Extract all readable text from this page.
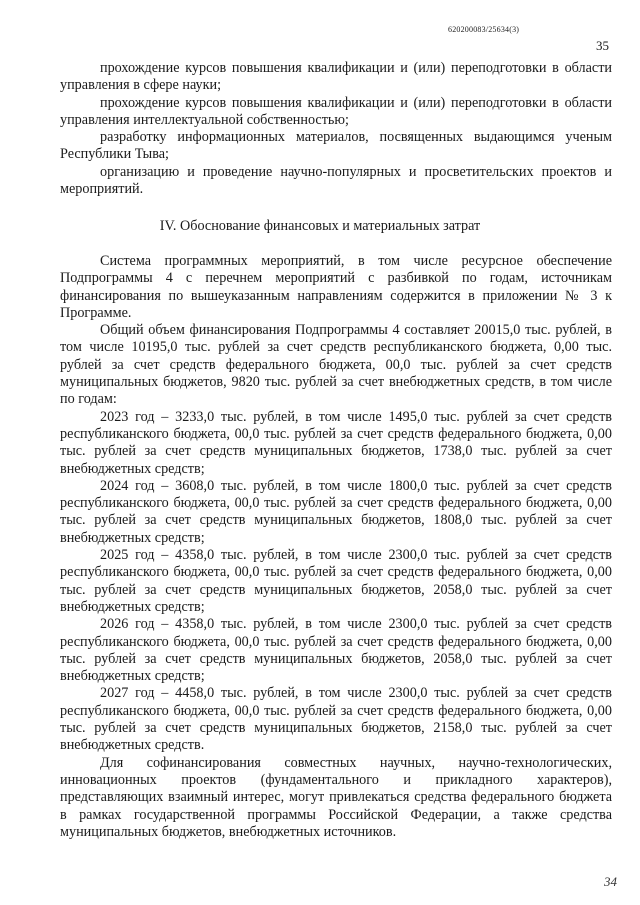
620200083/25634(3)
35

прохождение курсов повышения квалификации и (или) переподготовки в области управления в сфере науки;

прохождение курсов повышения квалификации и (или) переподготовки в области управления интеллектуальной собственностью;

разработку информационных материалов, посвященных выдающимся ученым Республики Тыва;

организацию и проведение научно-популярных и просветительских проектов и мероприятий.

IV. Обоснование финансовых и материальных затрат

Система программных мероприятий, в том числе ресурсное обеспечение Подпрограммы 4 с перечнем мероприятий с разбивкой по годам, источникам финансирования по вышеуказанным направлениям содержится в приложении № 3 к Программе.

Общий объем финансирования Подпрограммы 4 составляет 20015,0 тыс. рублей, в том числе 10195,0 тыс. рублей за счет средств республиканского бюджета, 0,00 тыс. рублей за счет средств федерального бюджета, 00,0 тыс. рублей за счет средств муниципальных бюджетов, 9820 тыс. рублей за счет внебюджетных средств, в том числе по годам:

2023 год – 3233,0 тыс. рублей, в том числе 1495,0 тыс. рублей за счет средств республиканского бюджета, 00,0 тыс. рублей за счет средств федерального бюджета, 0,00 тыс. рублей за счет средств муниципальных бюджетов, 1738,0 тыс. рублей за счет внебюджетных средств;

2024 год – 3608,0 тыс. рублей, в том числе 1800,0 тыс. рублей за счет средств республиканского бюджета, 00,0 тыс. рублей за счет средств федерального бюджета, 0,00 тыс. рублей за счет средств муниципальных бюджетов, 1808,0 тыс. рублей за счет внебюджетных средств;

2025 год – 4358,0 тыс. рублей, в том числе 2300,0 тыс. рублей за счет средств республиканского бюджета, 00,0 тыс. рублей за счет средств федерального бюджета, 0,00 тыс. рублей за счет средств муниципальных бюджетов, 2058,0 тыс. рублей за счет внебюджетных средств;

2026 год – 4358,0 тыс. рублей, в том числе 2300,0 тыс. рублей за счет средств республиканского бюджета, 00,0 тыс. рублей за счет средств федерального бюджета, 0,00 тыс. рублей за счет средств муниципальных бюджетов, 2058,0 тыс. рублей за счет внебюджетных средств;

2027 год – 4458,0 тыс. рублей, в том числе 2300,0 тыс. рублей за счет средств республиканского бюджета, 00,0 тыс. рублей за счет средств федерального бюджета, 0,00 тыс. рублей за счет средств муниципальных бюджетов, 2158,0 тыс. рублей за счет внебюджетных средств.

Для софинансирования совместных научных, научно-технологических, инновационных проектов (фундаментального и прикладного характеров), представляющих взаимный интерес, могут привлекаться средства федерального бюджета в рамках государственной программы Российской Федерации, а также средства муниципальных бюджетов, внебюджетных источников.

34
